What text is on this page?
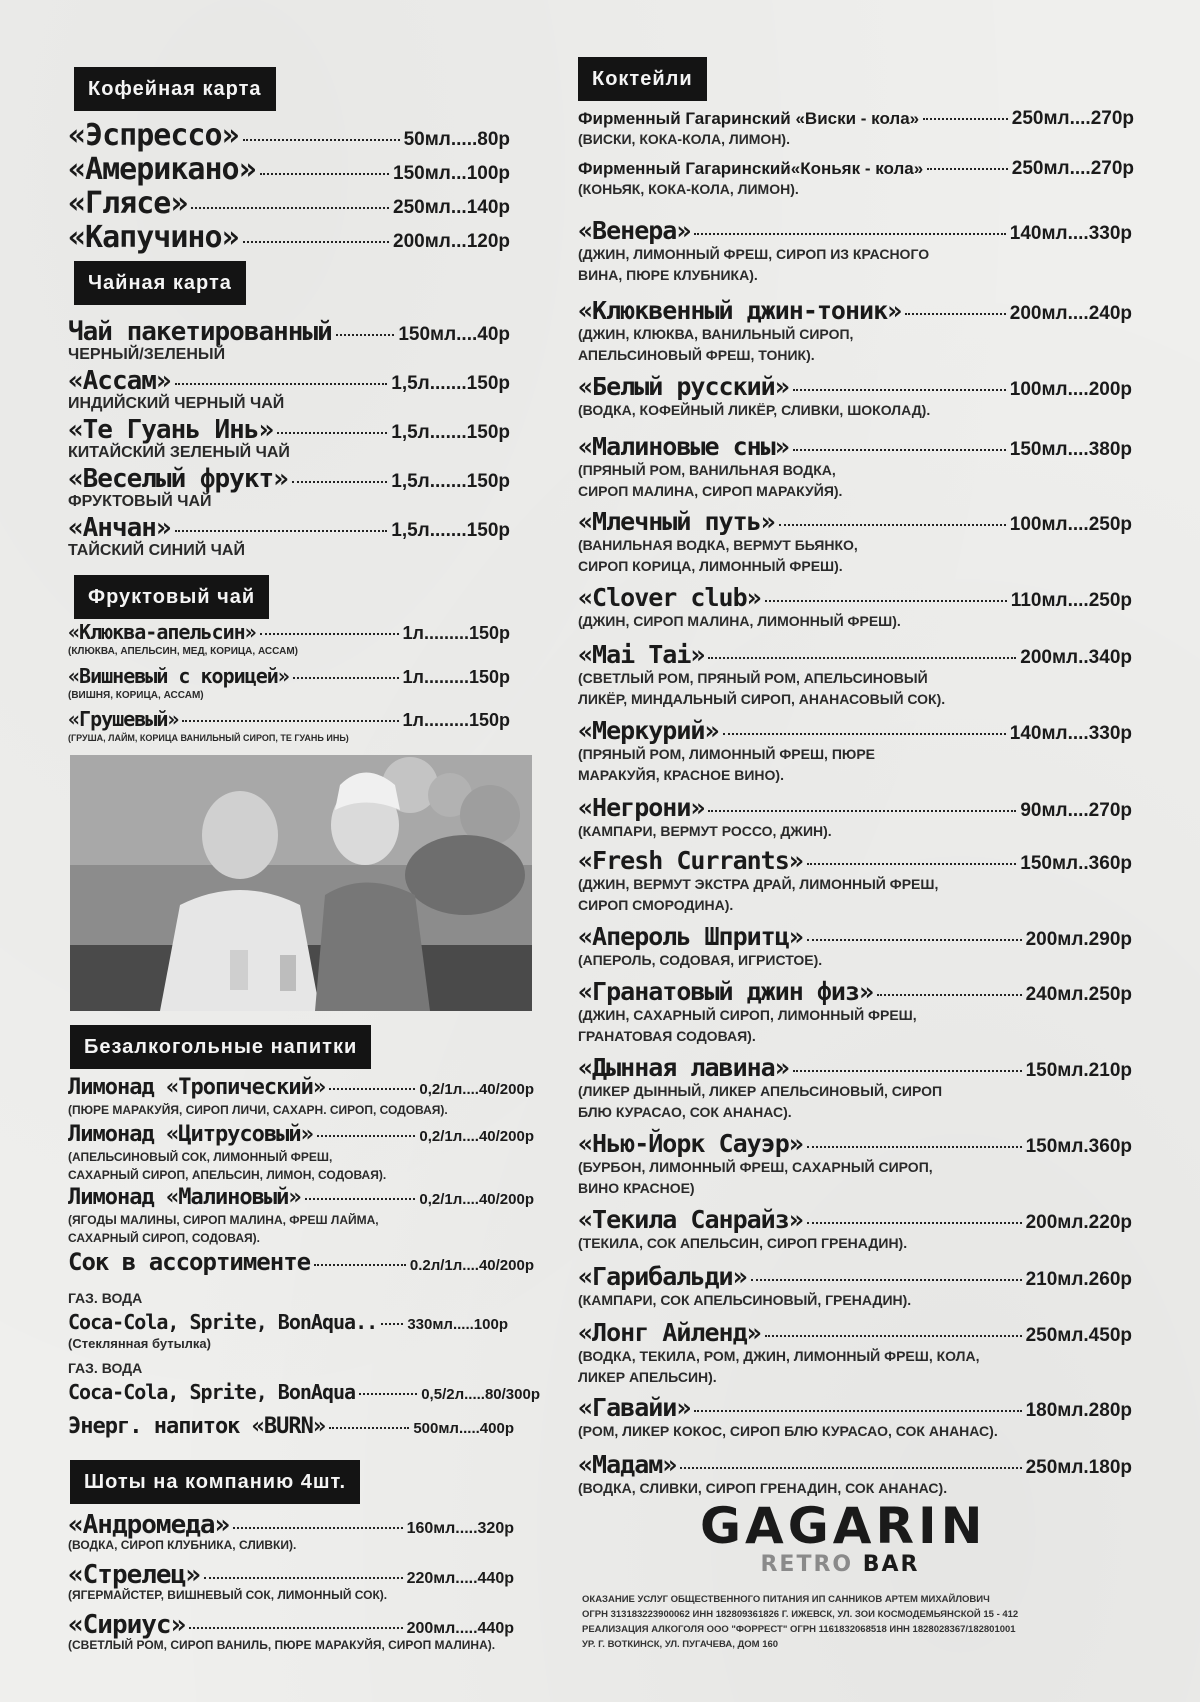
Кофейная карта
«Эспрессо»	50мл.....80р
«Американо»	150мл...100р
«Глясе»	250мл...140р
«Капучино»	200мл...120р
Чайная карта
Чай пакетированный	150мл....40р
ЧЕРНЫЙ/ЗЕЛЕНЫЙ
«Ассам»	1,5л.......150р
ИНДИЙСКИЙ ЧЕРНЫЙ ЧАЙ
«Те Гуань Инь»	1,5л.......150р
КИТАЙСКИЙ ЗЕЛЕНЫЙ ЧАЙ
«Веселый фрукт»	1,5л.......150р
ФРУКТОВЫЙ ЧАЙ
«Анчан»	1,5л.......150р
ТАЙСКИЙ СИНИЙ ЧАЙ
Фруктовый чай
«Клюква-апельсин»	1л.........150р
(КЛЮКВА, АПЕЛЬСИН, МЕД, КОРИЦА, АССАМ)
«Вишневый с корицей»	1л.........150р
(ВИШНЯ, КОРИЦА, АССАМ)
«Грушевый»	1л.........150р
(ГРУША, ЛАЙМ, КОРИЦА ВАНИЛЬНЫЙ СИРОП, ТЕ ГУАНЬ ИНЬ)
Безалкогольные напитки
Лимонад «Тропический»	0,2/1л....40/200р
(ПЮРЕ МАРАКУЙЯ, СИРОП ЛИЧИ, САХАРН. СИРОП, СОДОВАЯ).
Лимонад «Цитрусовый»	0,2/1л....40/200р
(АПЕЛЬСИНОВЫЙ СОК, ЛИМОННЫЙ ФРЕШ,
САХАРНЫЙ СИРОП, АПЕЛЬСИН, ЛИМОН, СОДОВАЯ).
Лимонад «Малиновый»	0,2/1л....40/200р
(ЯГОДЫ МАЛИНЫ, СИРОП МАЛИНА, ФРЕШ ЛАЙМА,
САХАРНЫЙ СИРОП, СОДОВАЯ).
Сок в ассортименте	0.2л/1л....40/200р
ГАЗ. ВОДА
Coca-Cola, Sprite, BonAqua.. 330мл.....100р
(Стеклянная бутылка)
ГАЗ. ВОДА
Coca-Cola, Sprite, BonAqua	0,5/2л.....80/300р
Энерг. напиток «BURN»	500мл.....400р
Шоты на компанию 4шт.
«Андромеда»	160мл.....320р
(ВОДКА, СИРОП КЛУБНИКА, СЛИВКИ).
«Стрелец»	220мл.....440р
(ЯГЕРМАЙСТЕР, ВИШНЕВЫЙ СОК, ЛИМОННЫЙ СОК).
«Сириус»	200мл.....440р
(СВЕТЛЫЙ РОМ, СИРОП ВАНИЛЬ, ПЮРЕ МАРАКУЙЯ, СИРОП МАЛИНА).
Коктейли
Фирменный Гагаринский «Виски - кола»	250мл....270р
(ВИСКИ, КОКА-КОЛА, ЛИМОН).
Фирменный Гагаринский«Коньяк - кола»	250мл....270р
(КОНЬЯК, КОКА-КОЛА, ЛИМОН).
«Венера»	140мл....330р
(ДЖИН, ЛИМОННЫЙ ФРЕШ, СИРОП ИЗ КРАСНОГО
ВИНА, ПЮРЕ КЛУБНИКА).
«Клюквенный джин-тоник»	200мл....240р
(ДЖИН, КЛЮКВА, ВАНИЛЬНЫЙ СИРОП,
АПЕЛЬСИНОВЫЙ ФРЕШ, ТОНИК).
«Белый русский»	100мл....200р
(ВОДКА, КОФЕЙНЫЙ ЛИКЁР, СЛИВКИ, ШОКОЛАД).
«Малиновые сны»	150мл....380р
(ПРЯНЫЙ РОМ, ВАНИЛЬНАЯ ВОДКА,
СИРОП МАЛИНА, СИРОП МАРАКУЙЯ).
«Млечный путь»	100мл....250р
(ВАНИЛЬНАЯ ВОДКА, ВЕРМУТ БЬЯНКО,
СИРОП КОРИЦА, ЛИМОННЫЙ ФРЕШ).
«Clover club»	110мл....250р
(ДЖИН, СИРОП МАЛИНА, ЛИМОННЫЙ ФРЕШ).
«Mai Tai»	200мл..340р
(СВЕТЛЫЙ РОМ, ПРЯНЫЙ РОМ, АПЕЛЬСИНОВЫЙ
ЛИКЁР, МИНДАЛЬНЫЙ СИРОП, АНАНАСОВЫЙ СОК).
«Меркурий»	140мл....330р
(ПРЯНЫЙ РОМ, ЛИМОННЫЙ ФРЕШ, ПЮРЕ
МАРАКУЙЯ, КРАСНОЕ ВИНО).
«Негрони»	90мл....270р
(КАМПАРИ, ВЕРМУТ РОССО, ДЖИН).
«Fresh Currants»	150мл..360р
(ДЖИН, ВЕРМУТ ЭКСТРА ДРАЙ, ЛИМОННЫЙ ФРЕШ,
СИРОП СМОРОДИНА).
«Апероль Шпритц»	200мл.290р
(АПЕРОЛЬ, СОДОВАЯ, ИГРИСТОЕ).
«Гранатовый джин физ»	240мл.250р
(ДЖИН, САХАРНЫЙ СИРОП, ЛИМОННЫЙ ФРЕШ,
ГРАНАТОВАЯ СОДОВАЯ).
«Дынная лавина»	150мл.210р
(ЛИКЕР ДЫННЫЙ, ЛИКЕР АПЕЛЬСИНОВЫЙ, СИРОП
БЛЮ КУРАСАО, СОК АНАНАС).
«Нью-Йорк Сауэр»	150мл.360р
(БУРБОН, ЛИМОННЫЙ ФРЕШ, САХАРНЫЙ СИРОП,
ВИНО КРАСНОЕ)
«Текила Санрайз»	200мл.220р
(ТЕКИЛА, СОК АПЕЛЬСИН, СИРОП ГРЕНАДИН).
«Гарибальди»	210мл.260р
(КАМПАРИ, СОК АПЕЛЬСИНОВЫЙ, ГРЕНАДИН).
«Лонг Айленд»	250мл.450р
(ВОДКА, ТЕКИЛА, РОМ, ДЖИН, ЛИМОННЫЙ ФРЕШ, КОЛА,
ЛИКЕР АПЕЛЬСИН).
«Гавайи»	180мл.280р
(РОМ, ЛИКЕР КОКОС, СИРОП БЛЮ КУРАСАО, СОК АНАНАС).
«Мадам»	250мл.180р
(ВОДКА, СЛИВКИ, СИРОП ГРЕНАДИН, СОК АНАНАС).
GAGARIN
RETRO BAR
ОКАЗАНИЕ УСЛУГ ОБЩЕСТВЕННОГО ПИТАНИЯ ИП САННИКОВ АРТЕМ МИХАЙЛОВИЧ
ОГРН 313183223900062 ИНН 182809361826 Г. ИЖЕВСК, УЛ. ЗОИ КОСМОДЕМЬЯНСКОЙ 15 - 412
РЕАЛИЗАЦИЯ АЛКОГОЛЯ ООО "ФОРРЕСТ" ОГРН 1161832068518 ИНН 1828028367/182801001
УР. Г. ВОТКИНСК, УЛ. ПУГАЧЕВА, ДОМ 160
